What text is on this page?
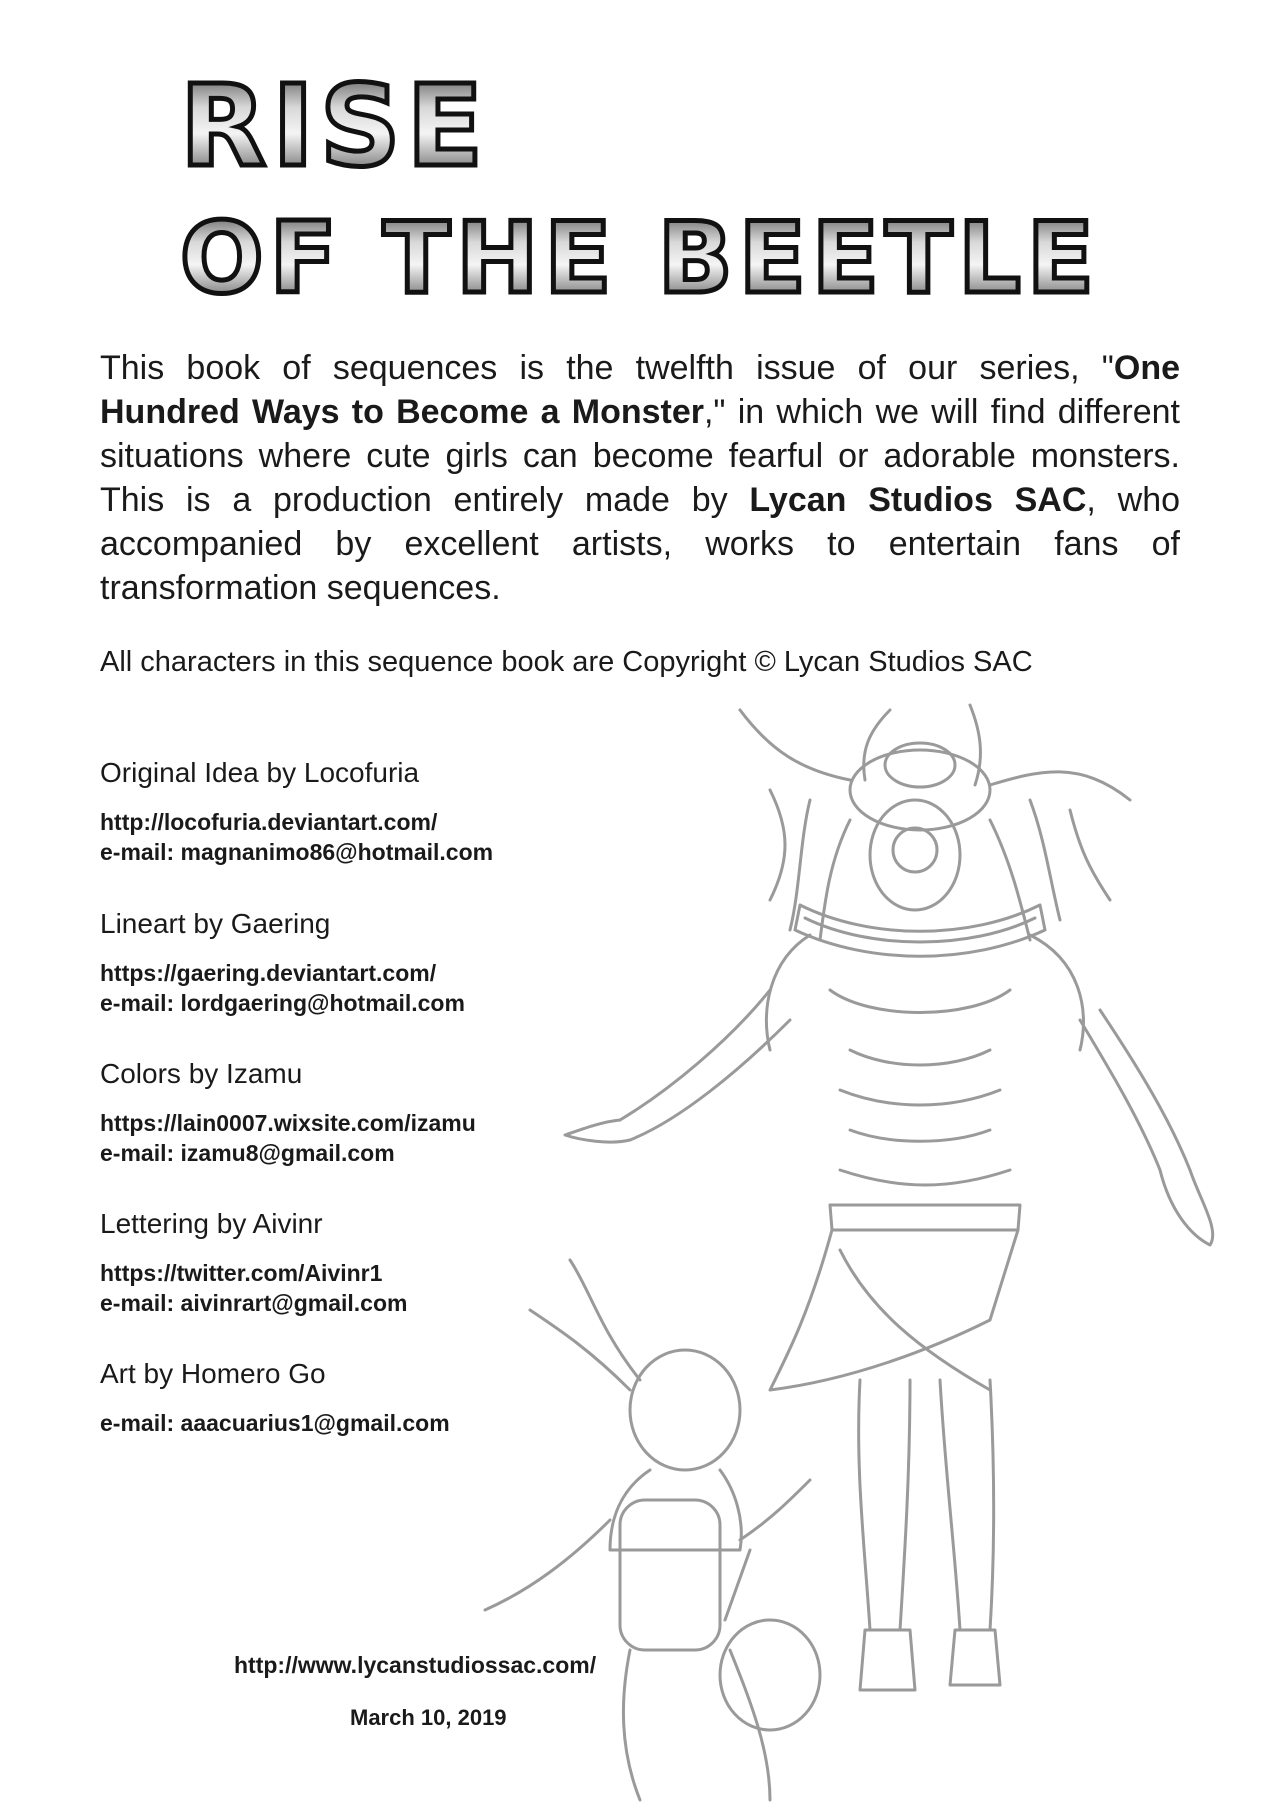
RISE
OF THE BEETLE

This book of sequences is the twelfth issue of our series, "One Hundred Ways to Become a Monster," in which we will find different situations where cute girls can become fearful or adorable monsters. This is a production entirely made by Lycan Studios SAC, who accompanied by excellent artists, works to entertain fans of transformation sequences.

All characters in this sequence book are Copyright © Lycan Studios SAC

Original Idea by Locofuria

http://locofuria.deviantart.com/

e-mail: magnanimo86@hotmail.com

Lineart by Gaering

https://gaering.deviantart.com/

e-mail: lordgaering@hotmail.com

Colors by Izamu

https://lain0007.wixsite.com/izamu

e-mail: izamu8@gmail.com

Lettering by Aivinr

https://twitter.com/Aivinr1

e-mail: aivinrart@gmail.com

Art by Homero Go

e-mail: aaacuarius1@gmail.com

http://www.lycanstudiossac.com/

March 10, 2019
